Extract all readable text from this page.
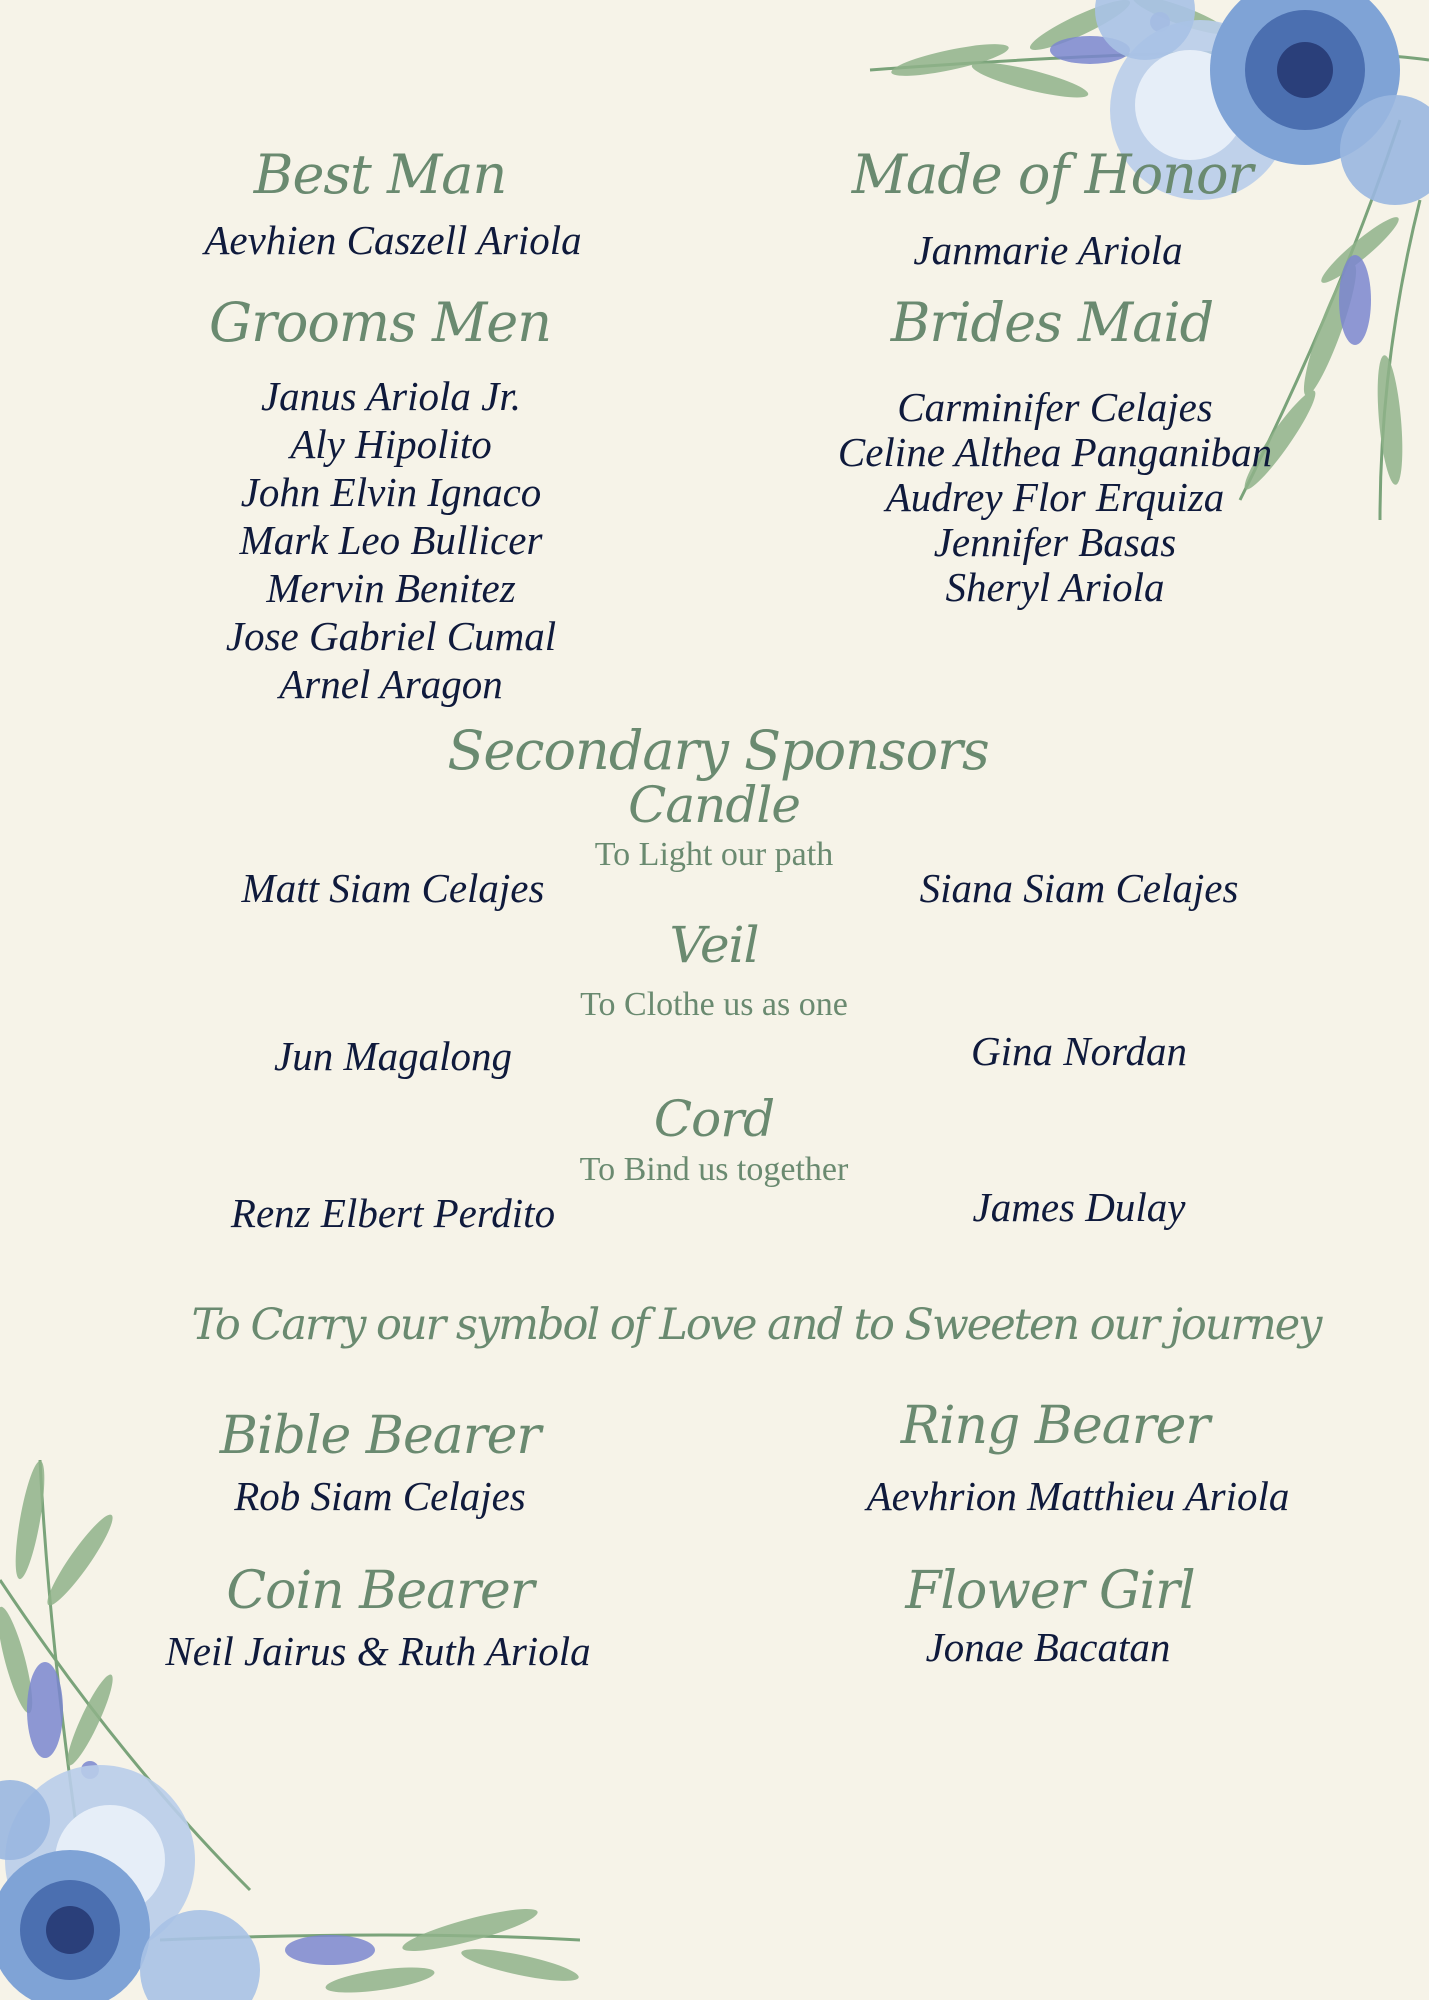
Best Man
Aevhien Caszell Ariola
Made of Honor
Janmarie Ariola
Grooms Men
Janus Ariola Jr.
Aly Hipolito
John Elvin Ignaco
Mark Leo Bullicer
Mervin Benitez
Jose Gabriel Cumal
Arnel Aragon
Brides Maid
Carminifer Celajes
Celine Althea Panganiban
Audrey Flor Erquiza
Jennifer Basas
Sheryl Ariola
Secondary Sponsors
Candle
To Light our path
Matt Siam Celajes	Siana Siam Celajes
Veil
To Clothe us as one
Jun Magalong	Gina Nordan
Cord
To Bind us together
Renz Elbert Perdito	James Dulay
To Carry our symbol of Love and to Sweeten our journey
Bible Bearer
Rob Siam Celajes
Ring Bearer
Aevhrion Matthieu Ariola
Coin Bearer
Neil Jairus & Ruth Ariola
Flower Girl
Jonae Bacatan
